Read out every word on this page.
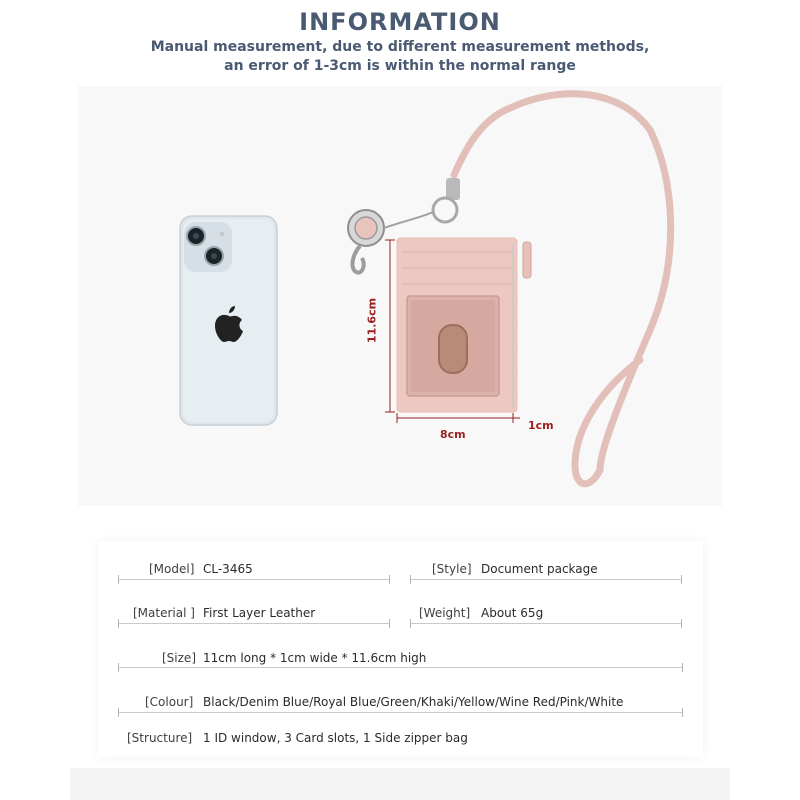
INFORMATION
Manual measurement, due to different measurement methods,
an error of 1-3cm is within the normal range
11.6cm
8cm
1cm
[Model] CL-3465	[Style] Document package
[Material ] First Layer Leather	[Weight] About 65g
[Size] 11cm long * 1cm wide * 11.6cm high
[Colour] Black/Denim Blue/Royal Blue/Green/Khaki/Yellow/Wine Red/Pink/White
[Structure] 1 ID window, 3 Card slots, 1 Side zipper bag
